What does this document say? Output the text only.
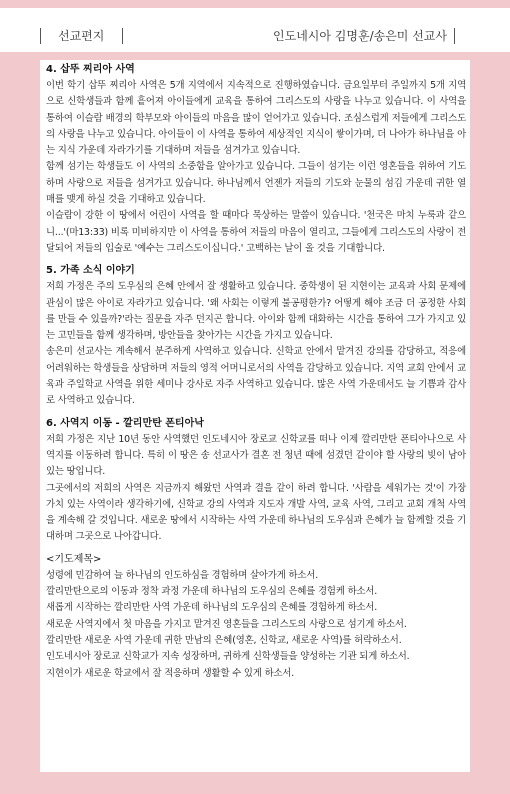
선교편지	인도네시아 김명훈/송은미 선교사

4. 삽뚜 찌리아 사역

이번 학기 삽뚜 찌리아 사역은 5개 지역에서 지속적으로 진행하였습니다. 금요일부터 주일까지 5개 지역으로 신학생들과 함께 흩어져 아이들에게 교육을 통하여 그리스도의 사랑을 나누고 있습니다. 이 사역을 통하여 이슬람 배경의 학부모와 아이들의 마음을 많이 얻어가고 있습니다. 조심스럽게 저들에게 그리스도의 사랑을 나누고 있습니다. 아이들이 이 사역을 통하여 세상적인 지식이 쌓이가며, 더 나아가 하나님을 아는 지식 가운데 자라가기를 기대하며 저들을 섬겨가고 있습니다.

함께 섬기는 학생들도 이 사역의 소중함을 알아가고 있습니다. 그들이 섬기는 이런 영혼들을 위하여 기도하며 사랑으로 저들을 섬겨가고 있습니다. 하나님께서 언젠가 저들의 기도와 눈물의 섬김 가운데 귀한 열매를 맺게 하실 것을 기대하고 있습니다.

이슬람이 강한 이 땅에서 어린이 사역을 할 때마다 묵상하는 말씀이 있습니다. '천국은 마치 누룩과 같으니...'(마13:33) 비록 미비하지만 이 사역을 통하여 저들의 마음이 열리고, 그들에게 그리스도의 사랑이 전달되어 저들의 입술로 '예수는 그리스도이십니다.' 고백하는 날이 올 것을 기대합니다.

5. 가족 소식 이야기

저희 가정은 주의 도우심의 은혜 안에서 잘 생활하고 있습니다. 중학생이 된 지현이는 교육과 사회 문제에 관심이 많은 아이로 자라가고 있습니다. '왜 사회는 이렇게 불공평한가? 어떻게 해야 조금 더 공정한 사회를 만들 수 있을까?'라는 질문을 자주 던지곤 합니다. 아이와 함께 대화하는 시간을 통하여 그가 가지고 있는 고민들을 함께 생각하며, 방안들을 찾아가는 시간을 가지고 있습니다.

송은미 선교사는 계속해서 분주하게 사역하고 있습니다. 신학교 안에서 맡겨진 강의를 감당하고, 적응에 어려워하는 학생들을 상담하며 저들의 영적 어머니로서의 사역을 감당하고 있습니다. 지역 교회 안에서 교육과 주일학교 사역을 위한 세미나 강사로 자주 사역하고 있습니다. 많은 사역 가운데서도 늘 기쁨과 감사로 사역하고 있습니다.

6. 사역지 이동 - 깔리만탄 폰티아낙

저희 가정은 지난 10년 동안 사역했던 인도네시아 장로교 신학교를 떠나 이제 깔리만탄 폰티아나으로 사역지를 이동하려 합니다. 특히 이 땅은 송 선교사가 결혼 전 청년 때에 섬겼던 같이야 할 사랑의 빚이 남아 있는 땅입니다.

그곳에서의 저희의 사역은 지금까지 해왔던 사역과 결을 같이 하려 합니다. '사람을 세워가는 것'이 가장 가치 있는 사역이라 생각하기에, 신학교 강의 사역과 지도자 개발 사역, 교육 사역, 그리고 교회 개척 사역을 계속해 갈 것입니다. 새로운 땅에서 시작하는 사역 가운데 하나님의 도우심과 은혜가 늘 함께할 것을 기대하며 그곳으로 나아갑니다.

<기도제목>

성령에 민감하여 늘 하나님의 인도하심을 경험하며 살아가게 하소서.

깔리만탄으로의 이동과 정착 과정 가운데 하나님의 도우심의 은혜를 경험케 하소서.

새롭게 시작하는 깔리만탄 사역 가운데 하나님의 도우심의 은혜를 경험하게 하소서.

새로운 사역지에서 첫 마음을 가지고 맡겨진 영혼들을 그리스도의 사랑으로 섬기게 하소서.

깔리만탄 새로운 사역 가운데 귀한 만남의 은혜(영혼, 신학교, 새로운 사역)를 허락하소서.

인도네시아 장로교 신학교가 지속 성장하며, 귀하게 신학생들을 양성하는 기관 되게 하소서.

지현이가 새로운 학교에서 잘 적응하며 생활할 수 있게 하소서.
